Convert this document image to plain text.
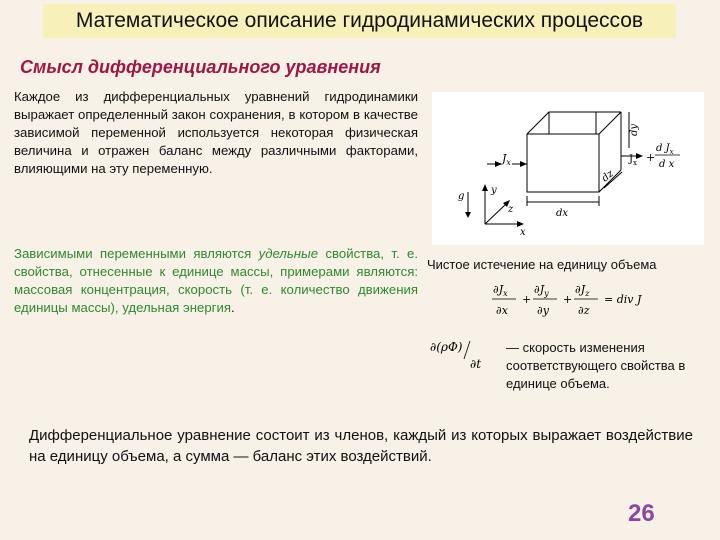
Математическое описание гидродинамических процессов
Смысл дифференциального уравнения
Каждое из дифференциальных уравнений гидродинамики выражает определенный закон сохранения, в котором в качестве зависимой переменной используется некоторая физическая величина и отражен баланс между различными факторами, влияющими на эту переменную.
Зависимыми переменными являются удельные свойства, т. е. свойства, отнесенные к единице массы, примерами являются: массовая концентрация, скорость (т. е. количество движения единицы массы), удельная энергия.
$J_x$	$J_x$ +
d $J_x$
d x
dy
dz
dx
y
x
z
g
Чистое истечение на единицу объема
$\partial J_x$
∂x
+
$\partial J_y$
∂y
+
$\partial J_z$
∂z
= div J
∂(ρΦ)
∂t
— скорость изменения соответствующего свойства в единице объема.
Дифференциальное уравнение состоит из членов, каждый из которых выражает воздействие на единицу объема, а сумма — баланс этих воздействий.
26
